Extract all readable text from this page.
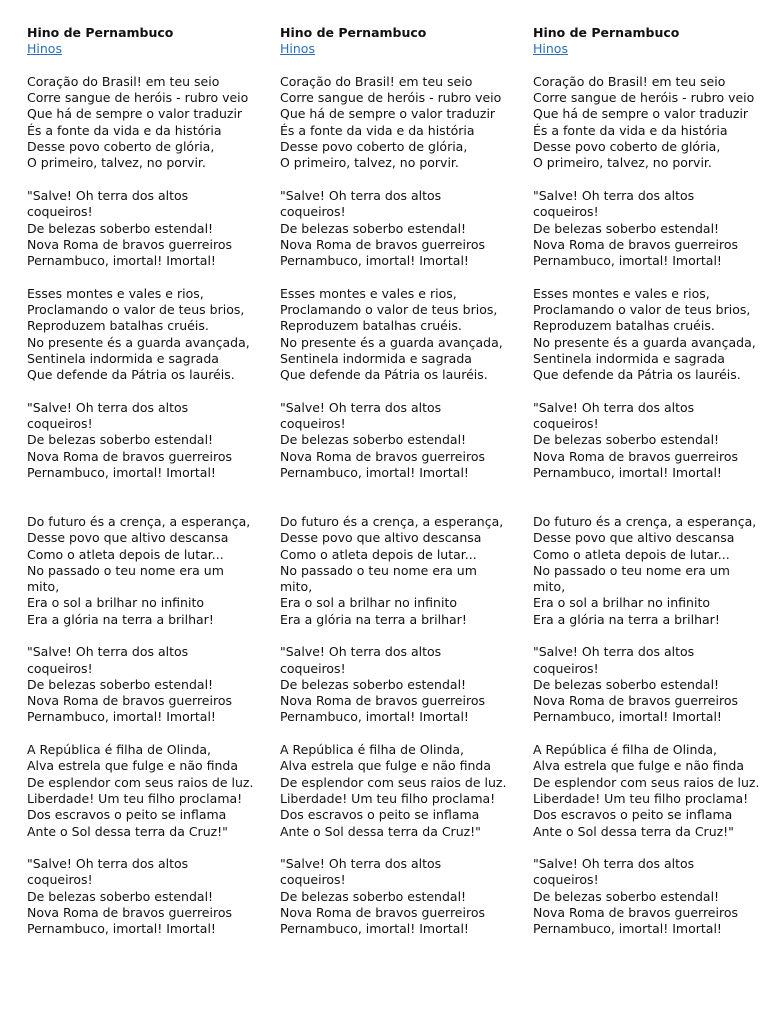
Hino de Pernambuco
Hinos
Coração do Brasil! em teu seio
Corre sangue de heróis - rubro veio
Que há de sempre o valor traduzir
És a fonte da vida e da história
Desse povo coberto de glória,
O primeiro, talvez, no porvir.
"Salve! Oh terra dos altos
coqueiros!
De belezas soberbo estendal!
Nova Roma de bravos guerreiros
Pernambuco, imortal! Imortal!
Esses montes e vales e rios,
Proclamando o valor de teus brios,
Reproduzem batalhas cruéis.
No presente és a guarda avançada,
Sentinela indormida e sagrada
Que defende da Pátria os lauréis.
"Salve! Oh terra dos altos
coqueiros!
De belezas soberbo estendal!
Nova Roma de bravos guerreiros
Pernambuco, imortal! Imortal!
Do futuro és a crença, a esperança,
Desse povo que altivo descansa
Como o atleta depois de lutar...
No passado o teu nome era um
mito,
Era o sol a brilhar no infinito
Era a glória na terra a brilhar!
"Salve! Oh terra dos altos
coqueiros!
De belezas soberbo estendal!
Nova Roma de bravos guerreiros
Pernambuco, imortal! Imortal!
A República é filha de Olinda,
Alva estrela que fulge e não finda
De esplendor com seus raios de luz.
Liberdade! Um teu filho proclama!
Dos escravos o peito se inflama
Ante o Sol dessa terra da Cruz!"
"Salve! Oh terra dos altos
coqueiros!
De belezas soberbo estendal!
Nova Roma de bravos guerreiros
Pernambuco, imortal! Imortal!
Hino de Pernambuco
Hinos
Coração do Brasil! em teu seio
Corre sangue de heróis - rubro veio
Que há de sempre o valor traduzir
És a fonte da vida e da história
Desse povo coberto de glória,
O primeiro, talvez, no porvir.
"Salve! Oh terra dos altos
coqueiros!
De belezas soberbo estendal!
Nova Roma de bravos guerreiros
Pernambuco, imortal! Imortal!
Esses montes e vales e rios,
Proclamando o valor de teus brios,
Reproduzem batalhas cruéis.
No presente és a guarda avançada,
Sentinela indormida e sagrada
Que defende da Pátria os lauréis.
"Salve! Oh terra dos altos
coqueiros!
De belezas soberbo estendal!
Nova Roma de bravos guerreiros
Pernambuco, imortal! Imortal!
Do futuro és a crença, a esperança,
Desse povo que altivo descansa
Como o atleta depois de lutar...
No passado o teu nome era um
mito,
Era o sol a brilhar no infinito
Era a glória na terra a brilhar!
"Salve! Oh terra dos altos
coqueiros!
De belezas soberbo estendal!
Nova Roma de bravos guerreiros
Pernambuco, imortal! Imortal!
A República é filha de Olinda,
Alva estrela que fulge e não finda
De esplendor com seus raios de luz.
Liberdade! Um teu filho proclama!
Dos escravos o peito se inflama
Ante o Sol dessa terra da Cruz!"
"Salve! Oh terra dos altos
coqueiros!
De belezas soberbo estendal!
Nova Roma de bravos guerreiros
Pernambuco, imortal! Imortal!
Hino de Pernambuco
Hinos
Coração do Brasil! em teu seio
Corre sangue de heróis - rubro veio
Que há de sempre o valor traduzir
És a fonte da vida e da história
Desse povo coberto de glória,
O primeiro, talvez, no porvir.
"Salve! Oh terra dos altos
coqueiros!
De belezas soberbo estendal!
Nova Roma de bravos guerreiros
Pernambuco, imortal! Imortal!
Esses montes e vales e rios,
Proclamando o valor de teus brios,
Reproduzem batalhas cruéis.
No presente és a guarda avançada,
Sentinela indormida e sagrada
Que defende da Pátria os lauréis.
"Salve! Oh terra dos altos
coqueiros!
De belezas soberbo estendal!
Nova Roma de bravos guerreiros
Pernambuco, imortal! Imortal!
Do futuro és a crença, a esperança,
Desse povo que altivo descansa
Como o atleta depois de lutar...
No passado o teu nome era um
mito,
Era o sol a brilhar no infinito
Era a glória na terra a brilhar!
"Salve! Oh terra dos altos
coqueiros!
De belezas soberbo estendal!
Nova Roma de bravos guerreiros
Pernambuco, imortal! Imortal!
A República é filha de Olinda,
Alva estrela que fulge e não finda
De esplendor com seus raios de luz.
Liberdade! Um teu filho proclama!
Dos escravos o peito se inflama
Ante o Sol dessa terra da Cruz!"
"Salve! Oh terra dos altos
coqueiros!
De belezas soberbo estendal!
Nova Roma de bravos guerreiros
Pernambuco, imortal! Imortal!
